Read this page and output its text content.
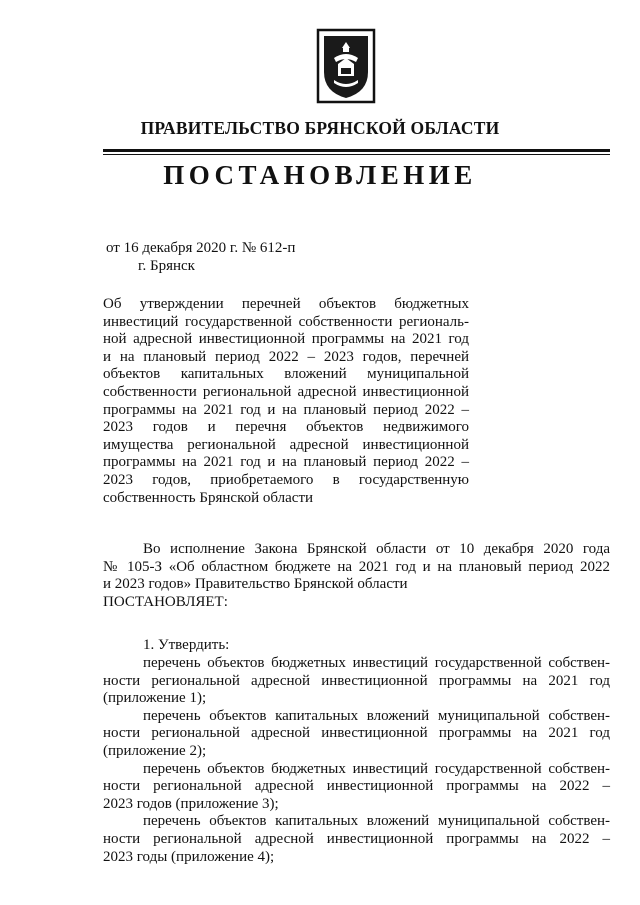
ПРАВИТЕЛЬСТВО БРЯНСКОЙ ОБЛАСТИ
ПОСТАНОВЛЕНИЕ
от 16 декабря 2020 г. № 612-п
г. Брянск
Об утверждении перечней объектов бюджетных
инвестиций государственной собственности региональ-
ной адресной инвестиционной программы на 2021 год
и на плановый период 2022 – 2023 годов, перечней
объектов капитальных вложений муниципальной
собственности региональной адресной инвестиционной
программы на 2021 год и на плановый период 2022 –
2023 годов и перечня объектов недвижимого
имущества региональной адресной инвестиционной
программы на 2021 год и на плановый период 2022 –
2023 годов, приобретаемого в государственную
собственность Брянской области
Во исполнение Закона Брянской области от 10 декабря 2020 года
№ 105-З «Об областном бюджете на 2021 год и на плановый период 2022
и 2023 годов» Правительство Брянской области
ПОСТАНОВЛЯЕТ:
1. Утвердить:
перечень объектов бюджетных инвестиций государственной собствен-
ности региональной адресной инвестиционной программы на 2021 год
(приложение 1);
перечень объектов капитальных вложений муниципальной собствен-
ности региональной адресной инвестиционной программы на 2021 год
(приложение 2);
перечень объектов бюджетных инвестиций государственной собствен-
ности региональной адресной инвестиционной программы на 2022 –
2023 годов (приложение 3);
перечень объектов капитальных вложений муниципальной собствен-
ности региональной адресной инвестиционной программы на 2022 –
2023 годы (приложение 4);
